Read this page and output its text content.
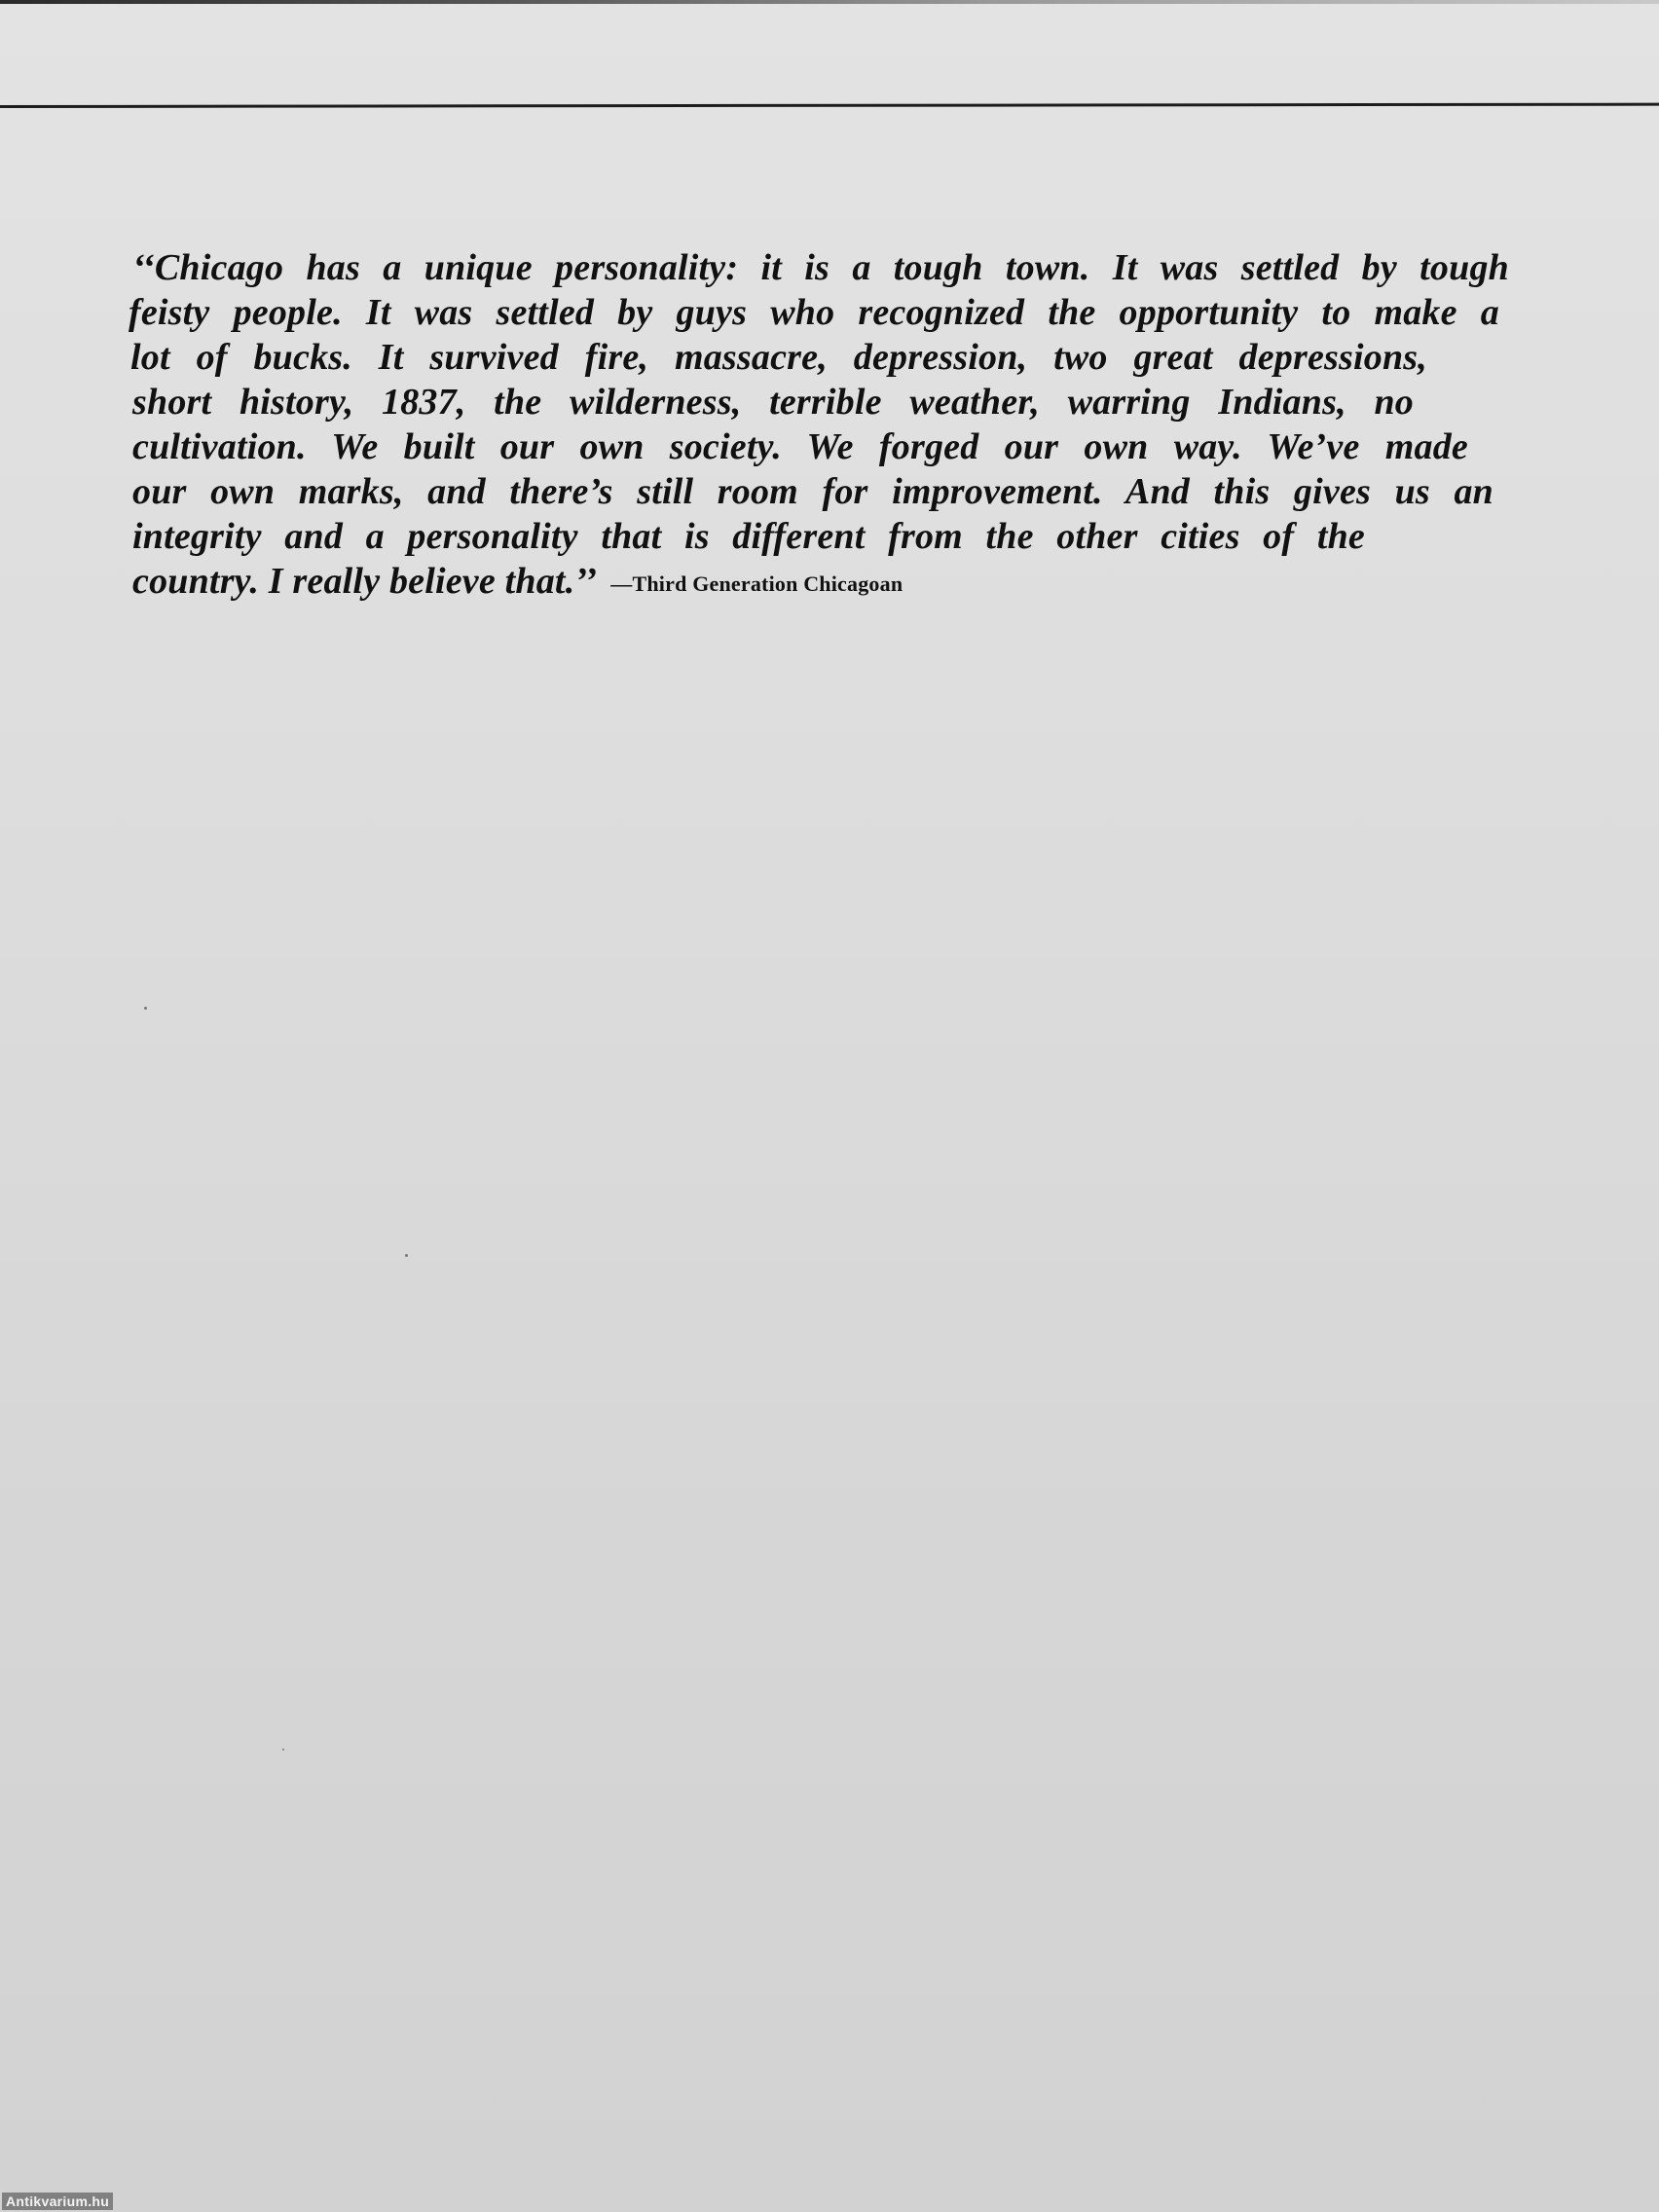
‘‘Chicago has a unique personality: it is a tough town. It was settled by tough
feisty people. It was settled by guys who recognized the opportunity to make a
lot of bucks. It survived fire, massacre, depression, two great depressions,
short history, 1837, the wilderness, terrible weather, warring Indians, no
cultivation. We built our own society. We forged our own way. We’ve made
our own marks, and there’s still room for improvement. And this gives us an
integrity and a personality that is different from the other cities of the
country. I really believe that.’’ —Third Generation Chicagoan
Antikvarium.hu
